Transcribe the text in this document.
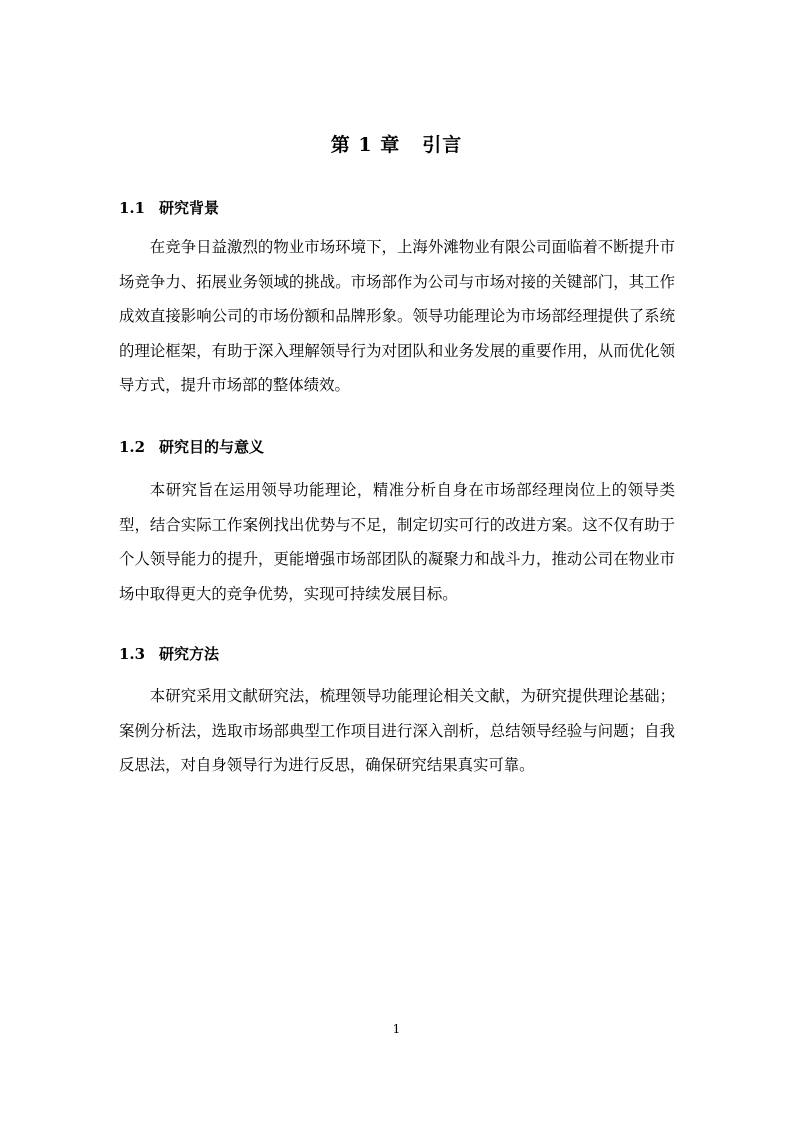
第 1 章 引言
1.1 研究背景

在竞争日益激烈的物业市场环境下，上海外滩物业有限公司面临着不断提升市场竞争力、拓展业务领域的挑战。市场部作为公司与市场对接的关键部门，其工作成效直接影响公司的市场份额和品牌形象。领导功能理论为市场部经理提供了系统的理论框架，有助于深入理解领导行为对团队和业务发展的重要作用，从而优化领导方式，提升市场部的整体绩效。

1.2 研究目的与意义

本研究旨在运用领导功能理论，精准分析自身在市场部经理岗位上的领导类型，结合实际工作案例找出优势与不足，制定切实可行的改进方案。这不仅有助于个人领导能力的提升，更能增强市场部团队的凝聚力和战斗力，推动公司在物业市场中取得更大的竞争优势，实现可持续发展目标。

1.3 研究方法

本研究采用文献研究法，梳理领导功能理论相关文献，为研究提供理论基础；案例分析法，选取市场部典型工作项目进行深入剖析，总结领导经验与问题；自我反思法，对自身领导行为进行反思，确保研究结果真实可靠。

1
